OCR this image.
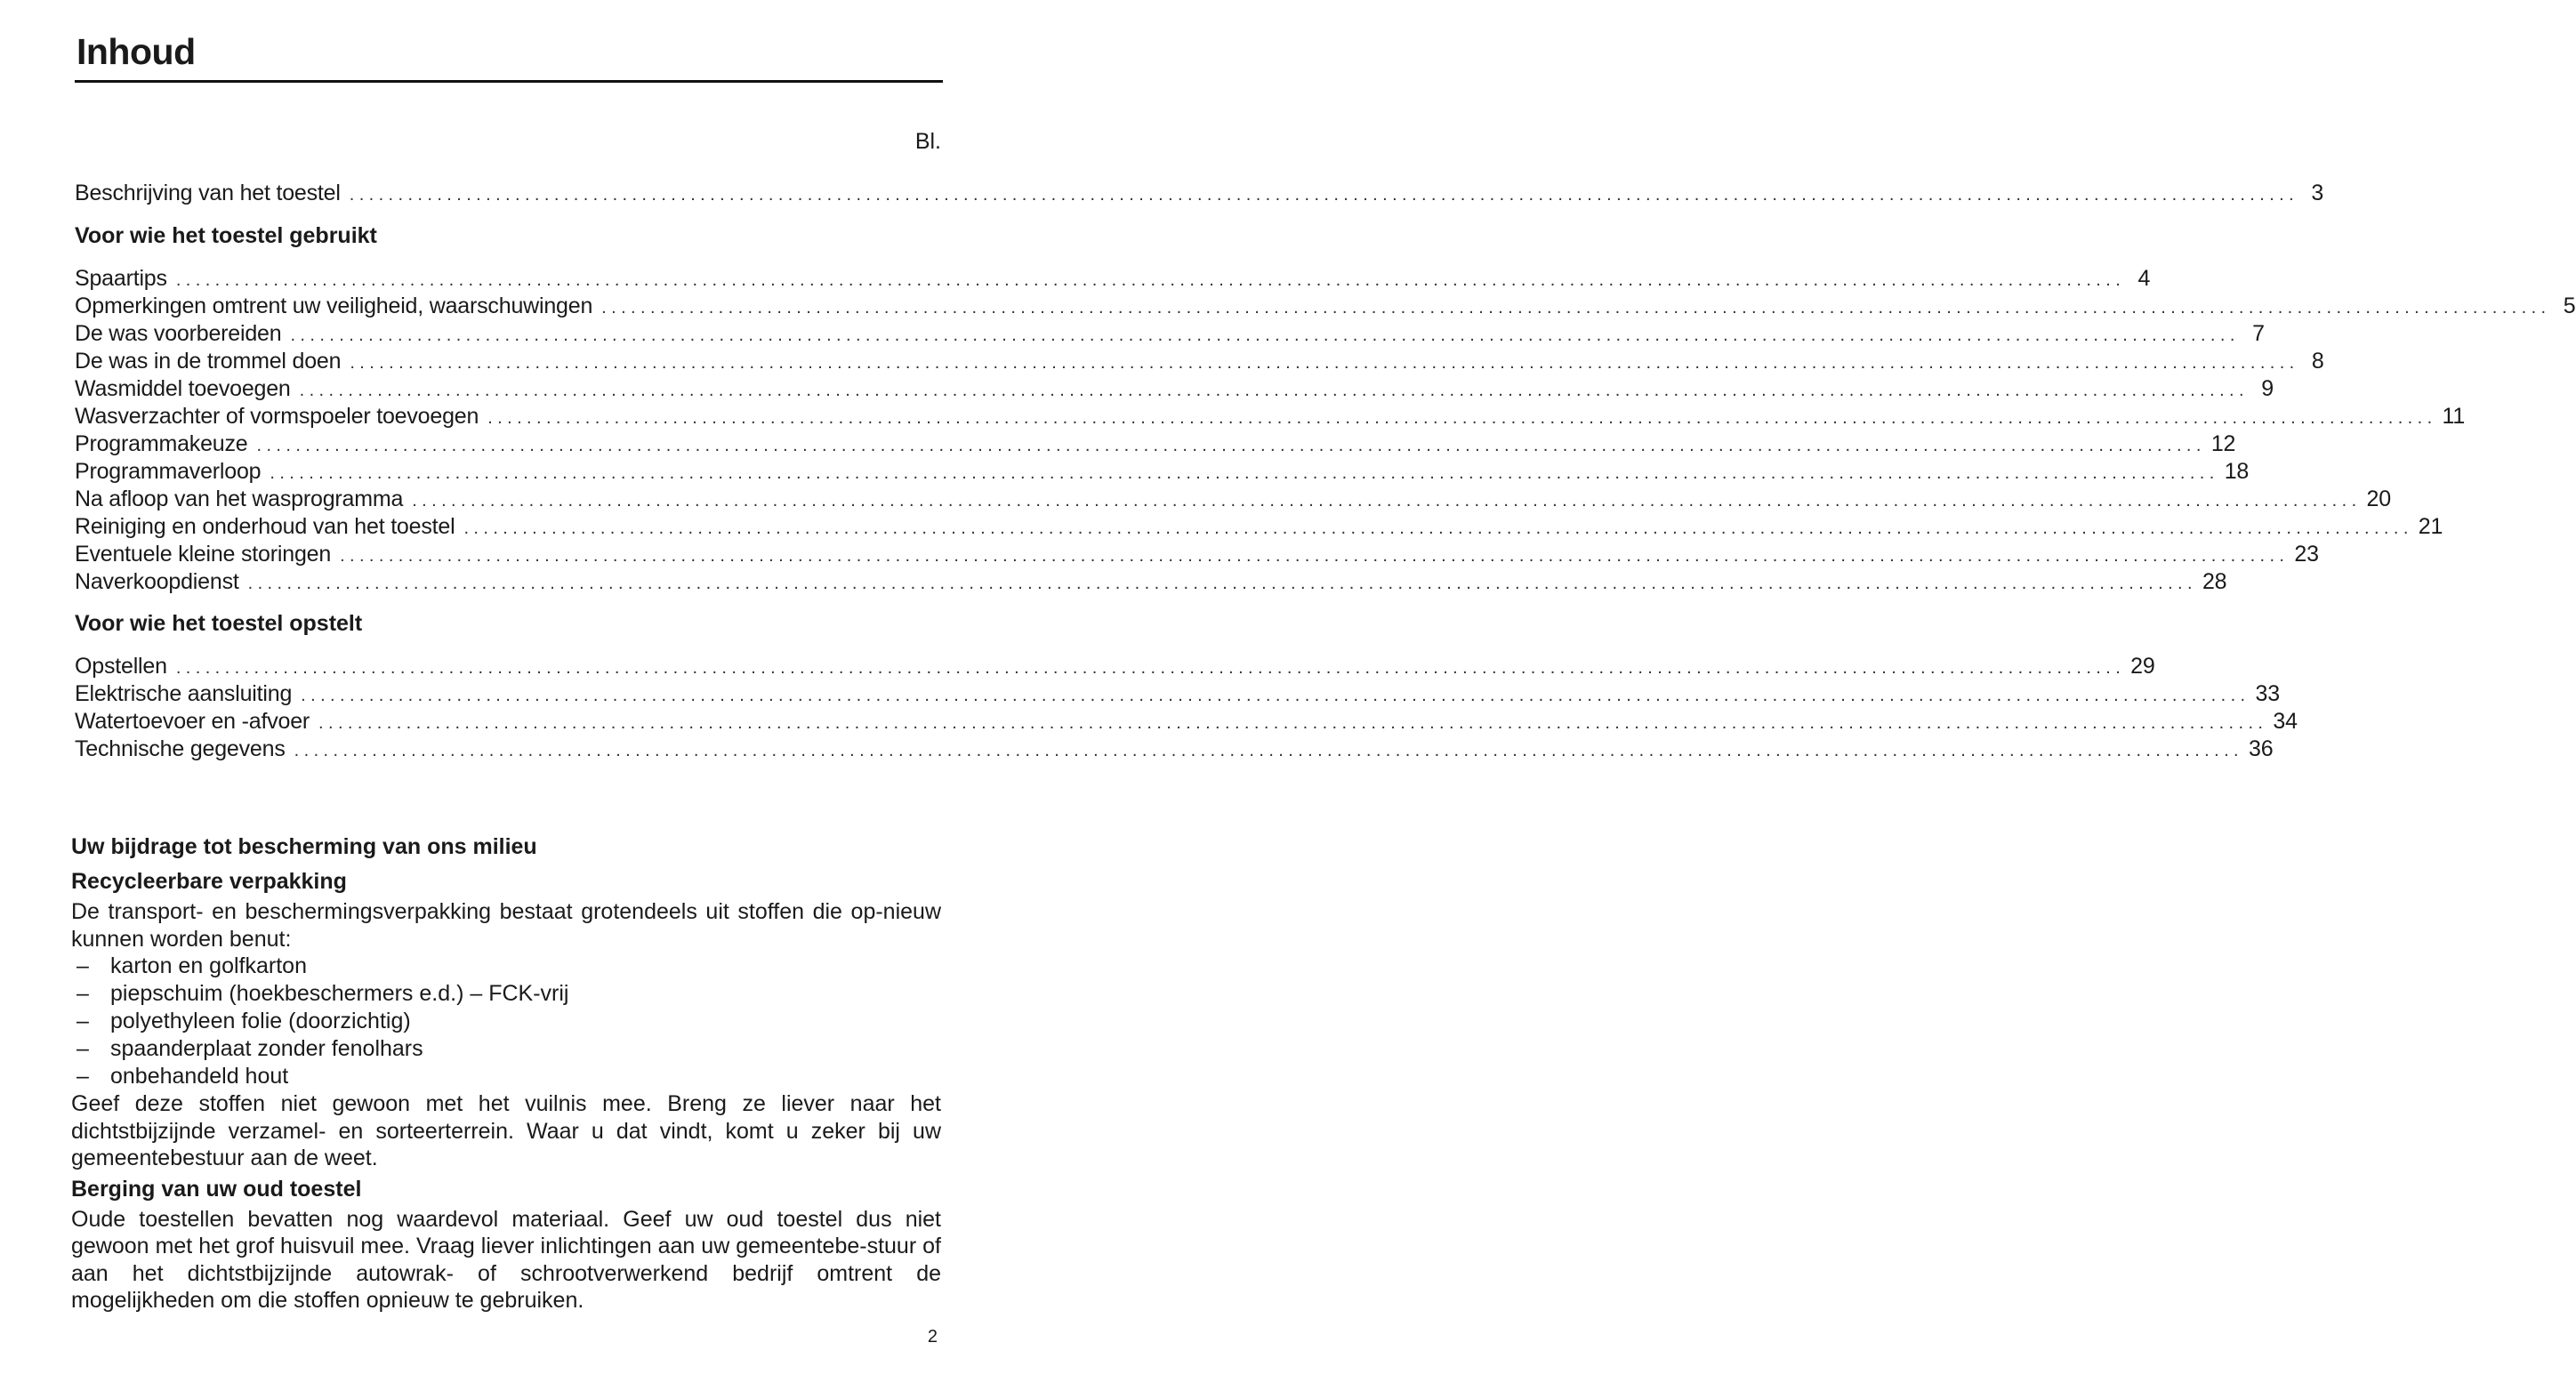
Inhoud
Bl.
Beschrijving van het toestel ........................................................................................................................................................................................................ 3
Voor wie het toestel gebruikt
Spaartips ........................................................................................................................................................................................................ 4
Opmerkingen omtrent uw veiligheid, waarschuwingen ........................................................................................................................................................................................................ 5
De was voorbereiden ........................................................................................................................................................................................................ 7
De was in de trommel doen ........................................................................................................................................................................................................ 8
Wasmiddel toevoegen ........................................................................................................................................................................................................ 9
Wasverzachter of vormspoeler toevoegen ........................................................................................................................................................................................................ 11
Programmakeuze ........................................................................................................................................................................................................ 12
Programmaverloop ........................................................................................................................................................................................................ 18
Na afloop van het wasprogramma ........................................................................................................................................................................................................ 20
Reiniging en onderhoud van het toestel ........................................................................................................................................................................................................ 21
Eventuele kleine storingen ........................................................................................................................................................................................................ 23
Naverkoopdienst ........................................................................................................................................................................................................ 28
Voor wie het toestel opstelt
Opstellen ........................................................................................................................................................................................................ 29
Elektrische aansluiting ........................................................................................................................................................................................................ 33
Watertoevoer en -afvoer ........................................................................................................................................................................................................ 34
Technische gegevens ........................................................................................................................................................................................................ 36
Uw bijdrage tot bescherming van ons milieu
Recycleerbare verpakking

De transport- en beschermingsverpakking bestaat grotendeels uit stoffen die op-nieuw kunnen worden benut:

– karton en golfkarton
– piepschuim (hoekbeschermers e.d.) – FCK-vrij
– polyethyleen folie (doorzichtig)
– spaanderplaat zonder fenolhars
– onbehandeld hout

Geef deze stoffen niet gewoon met het vuilnis mee. Breng ze liever naar het dichtstbijzijnde verzamel- en sorteerterrein. Waar u dat vindt, komt u zeker bij uw gemeentebestuur aan de weet.

Berging van uw oud toestel

Oude toestellen bevatten nog waardevol materiaal. Geef uw oud toestel dus niet gewoon met het grof huisvuil mee. Vraag liever inlichtingen aan uw gemeentebe-stuur of aan het dichtstbijzijnde autowrak- of schrootverwerkend bedrijf omtrent de mogelijkheden om die stoffen opnieuw te gebruiken.

2
